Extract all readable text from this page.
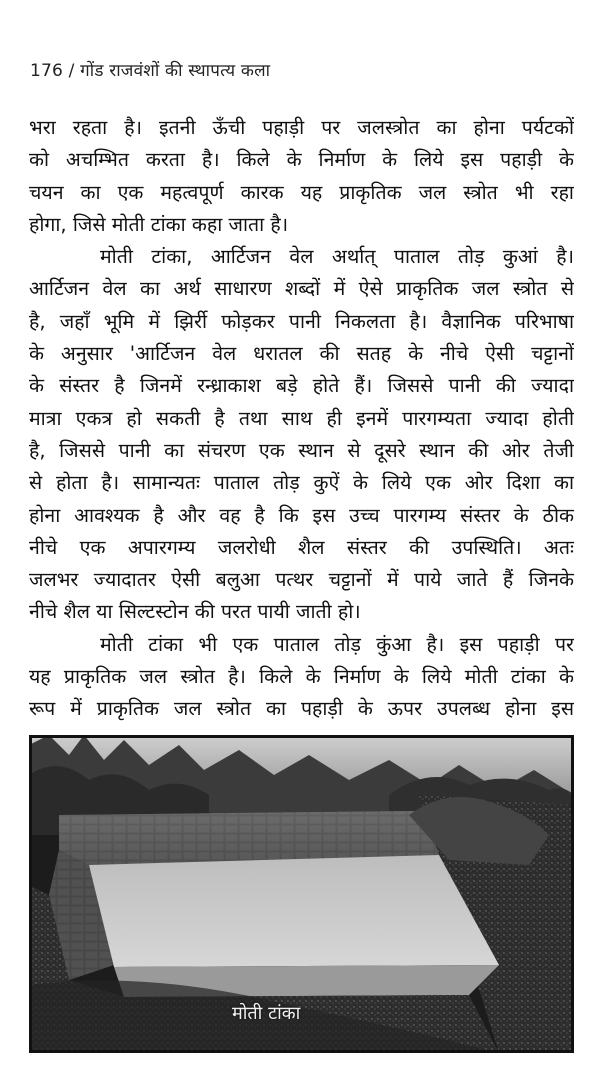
176 / गोंड राजवंशों की स्थापत्य कला
भरा रहता है। इतनी ऊँची पहाड़ी पर जलस्त्रोत का होना पर्यटकों
को अचम्भित करता है। किले के निर्माण के लिये इस पहाड़ी के
चयन का एक महत्वपूर्ण कारक यह प्राकृतिक जल स्त्रोत भी रहा
होगा, जिसे मोती टांका कहा जाता है।
मोती टांका, आर्टिजन वेल अर्थात् पाताल तोड़ कुआं है।
आर्टिजन वेल का अर्थ साधारण शब्दों में ऐसे प्राकृतिक जल स्त्रोत से
है, जहाँ भूमि में झिर्री फोड़कर पानी निकलता है। वैज्ञानिक परिभाषा
के अनुसार 'आर्टिजन वेल धरातल की सतह के नीचे ऐसी चट्टानों
के संस्तर है जिनमें रन्ध्राकाश बड़े होते हैं। जिससे पानी की ज्यादा
मात्रा एकत्र हो सकती है तथा साथ ही इनमें पारगम्यता ज्यादा होती
है, जिससे पानी का संचरण एक स्थान से दूसरे स्थान की ओर तेजी
से होता है। सामान्यतः पाताल तोड़ कुऐं के लिये एक ओर दिशा का
होना आवश्यक है और वह है कि इस उच्च पारगम्य संस्तर के ठीक
नीचे एक अपारगम्य जलरोधी शैल संस्तर की उपस्थिति। अतः
जलभर ज्यादातर ऐसी बलुआ पत्थर चट्टानों में पाये जाते हैं जिनके
नीचे शैल या सिल्टस्टोन की परत पायी जाती हो।
मोती टांका भी एक पाताल तोड़ कुंआ है। इस पहाड़ी पर
यह प्राकृतिक जल स्त्रोत है। किले के निर्माण के लिये मोती टांका के
रूप में प्राकृतिक जल स्त्रोत का पहाड़ी के ऊपर उपलब्ध होना इस
मोती टांका
